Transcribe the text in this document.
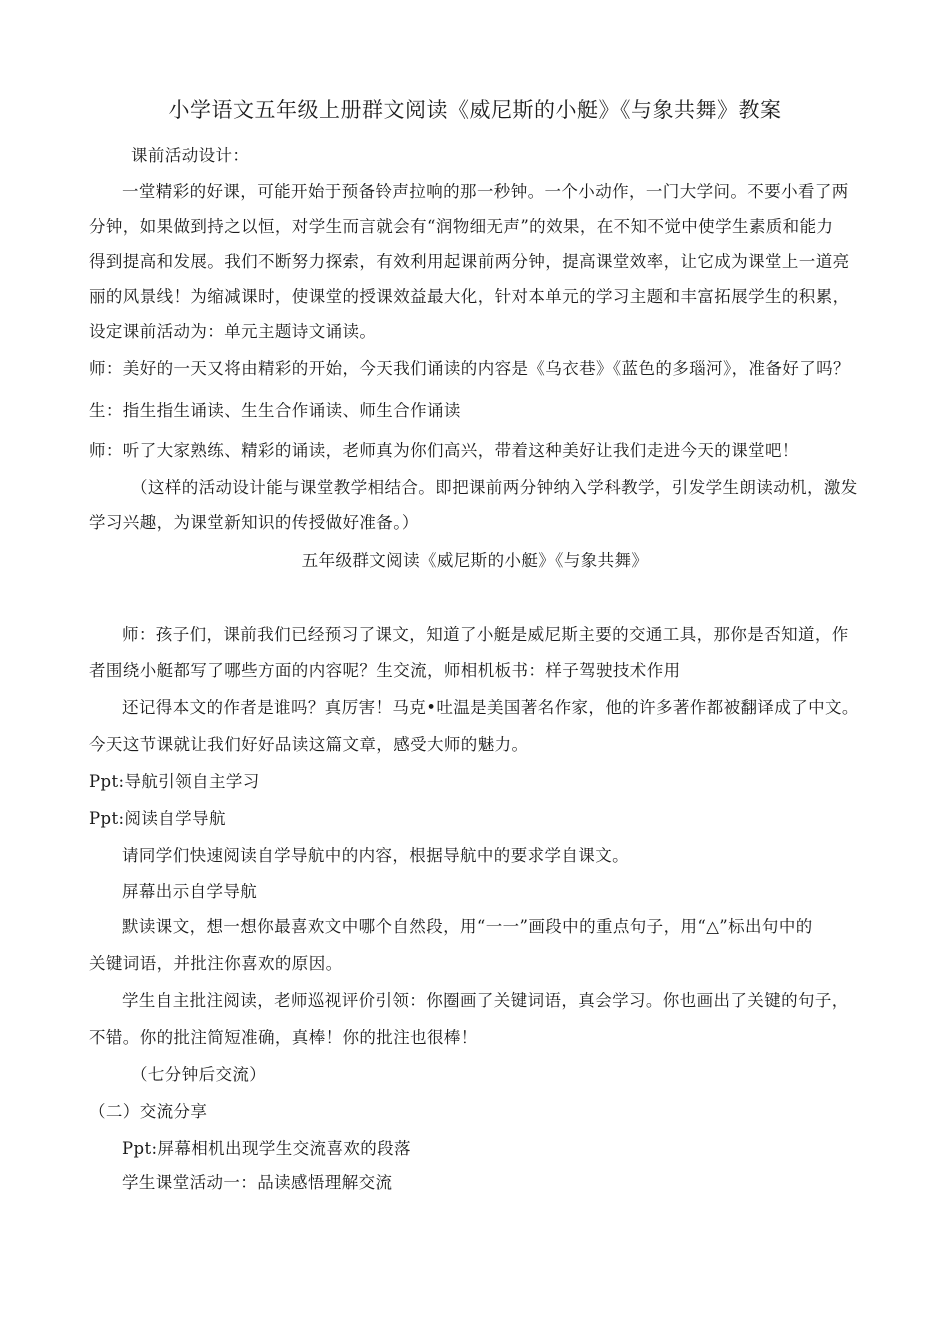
小学语文五年级上册群文阅读《威尼斯的小艇》《与象共舞》教案
课前活动设计：
一堂精彩的好课，可能开始于预备铃声拉响的那一秒钟。一个小动作，一门大学问。不要小看了两
分钟，如果做到持之以恒，对学生而言就会有“润物细无声”的效果，在不知不觉中使学生素质和能力
得到提高和发展。我们不断努力探索，有效利用起课前两分钟，提高课堂效率，让它成为课堂上一道亮
丽的风景线！为缩减课时，使课堂的授课效益最大化，针对本单元的学习主题和丰富拓展学生的积累，
设定课前活动为：单元主题诗文诵读。
师：美好的一天又将由精彩的开始，今天我们诵读的内容是《乌衣巷》《蓝色的多瑙河》，准备好了吗？
生：指生指生诵读、生生合作诵读、师生合作诵读
师：听了大家熟练、精彩的诵读，老师真为你们高兴，带着这种美好让我们走进今天的课堂吧！
（这样的活动设计能与课堂教学相结合。即把课前两分钟纳入学科教学，引发学生朗读动机，激发
学习兴趣，为课堂新知识的传授做好准备。）
五年级群文阅读《威尼斯的小艇》《与象共舞》
师：孩子们，课前我们已经预习了课文，知道了小艇是威尼斯主要的交通工具，那你是否知道，作
者围绕小艇都写了哪些方面的内容呢？生交流，师相机板书：样子驾驶技术作用
还记得本文的作者是谁吗？真厉害！马克•吐温是美国著名作家，他的许多著作都被翻译成了中文。
今天这节课就让我们好好品读这篇文章，感受大师的魅力。
Ppt:导航引领自主学习
Ppt:阅读自学导航
请同学们快速阅读自学导航中的内容，根据导航中的要求学自课文。
屏幕出示自学导航
默读课文，想一想你最喜欢文中哪个自然段，用“一一”画段中的重点句子，用“△”标出句中的
关键词语，并批注你喜欢的原因。
学生自主批注阅读，老师巡视评价引领：你圈画了关键词语，真会学习。你也画出了关键的句子，
不错。你的批注简短准确，真棒！你的批注也很棒！
（七分钟后交流）
（二）交流分享
Ppt:屏幕相机出现学生交流喜欢的段落
学生课堂活动一：品读感悟理解交流
